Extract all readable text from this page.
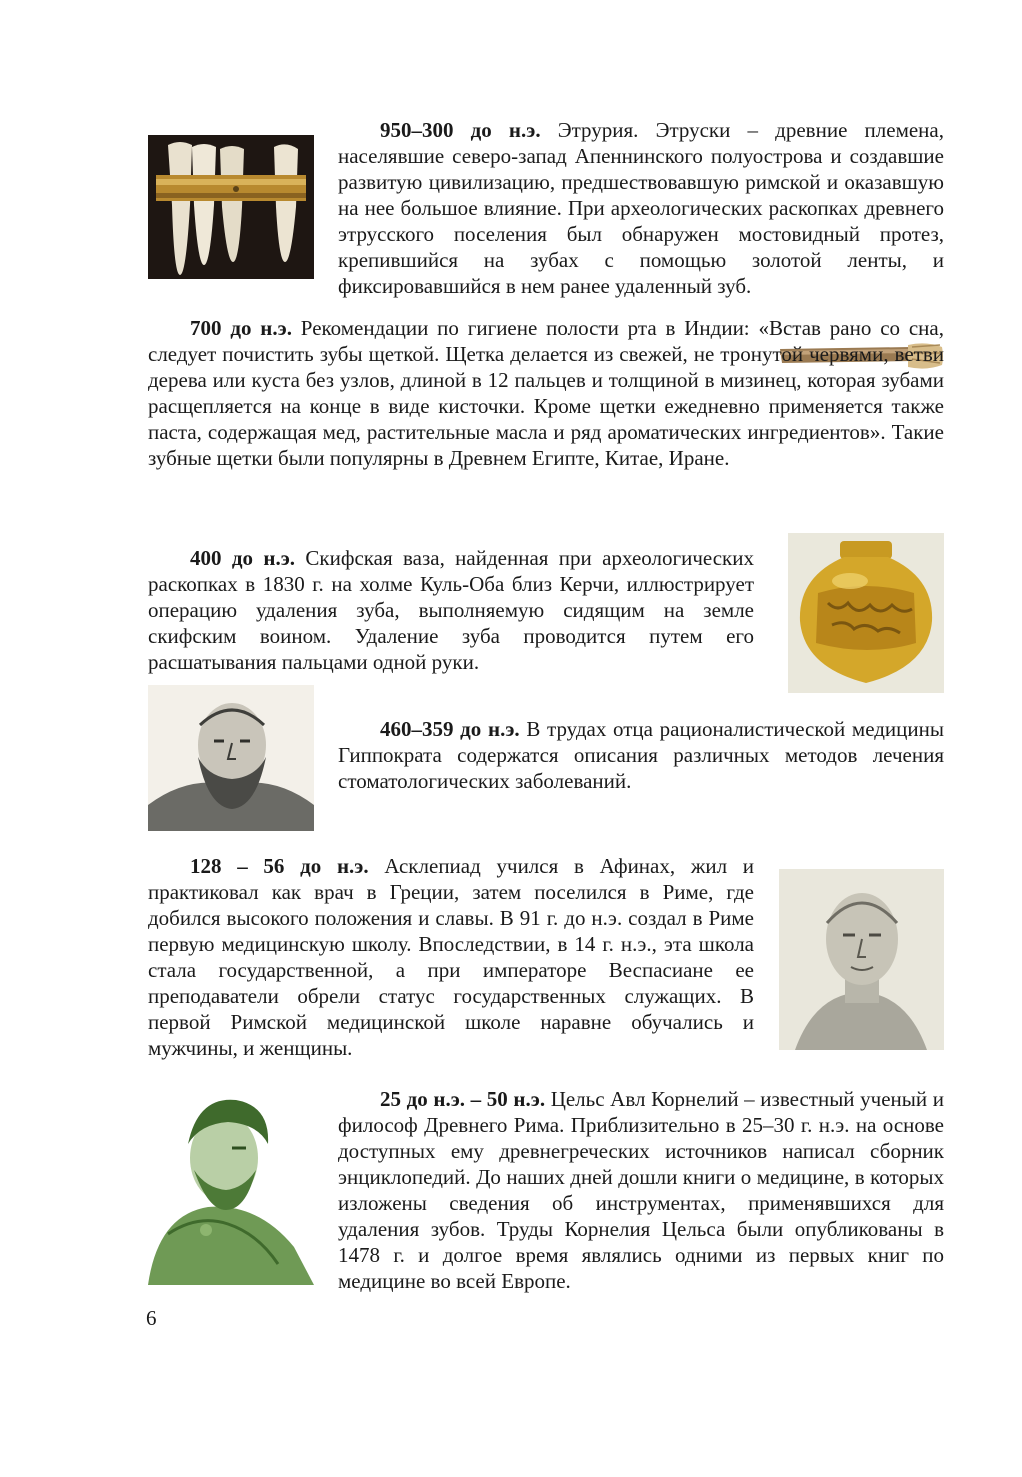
950–300 до н.э. Этрурия. Этруски – древние племена, населявшие северо-запад Апеннинского полуострова и создавшие развитую цивилизацию, предшествовавшую римской и оказавшую на нее большое влияние. При археологических раскопках древнего этрусского поселения был обнаружен мостовидный протез, крепившийся на зубах с помощью золотой ленты, и фиксировавшийся в нем ранее удаленный зуб.

700 до н.э. Рекомендации по гигиене полости рта в Индии: «Встав рано со сна, следует почистить зубы щеткой. Щетка делается из свежей, не тронутой червями, ветви дерева или куста без узлов, длиной в 12 пальцев и толщиной в мизинец, которая зубами расщепляется на конце в виде кисточки. Кроме щетки ежедневно применяется также паста, содержащая мед, растительные масла и ряд ароматических ингредиентов». Такие зубные щетки были популярны в Древнем Египте, Китае, Иране.

400 до н.э. Скифская ваза, найденная при археологических раскопках в 1830 г. на холме Куль-Оба близ Керчи, иллюстрирует операцию удаления зуба, выполняемую сидящим на земле скифским воином. Удаление зуба проводится путем его расшатывания пальцами одной руки.

460–359 до н.э. В трудах отца рационалистической медицины Гиппократа содержатся описания различных методов лечения стоматологических заболеваний.

128 – 56 до н.э. Асклепиад учился в Афинах, жил и практиковал как врач в Греции, затем поселился в Риме, где добился высокого положения и славы. В 91 г. до н.э. создал в Риме первую медицинскую школу. Впоследствии, в 14 г. н.э., эта школа стала государственной, а при императоре Веспасиане ее преподаватели обрели статус государственных служащих. В первой Римской медицинской школе наравне обучались и мужчины, и женщины.

25 до н.э. – 50 н.э. Цельс Авл Корнелий – известный ученый и философ Древнего Рима. Приблизительно в 25–30 г. н.э. на основе доступных ему древнегреческих источников написал сборник энциклопедий. До наших дней дошли книги о медицине, в которых изложены сведения об инструментах, применявшихся для удаления зубов. Труды Корнелия Цельса были опубликованы в 1478 г. и долгое время являлись одними из первых книг по медицине во всей Европе.

6
